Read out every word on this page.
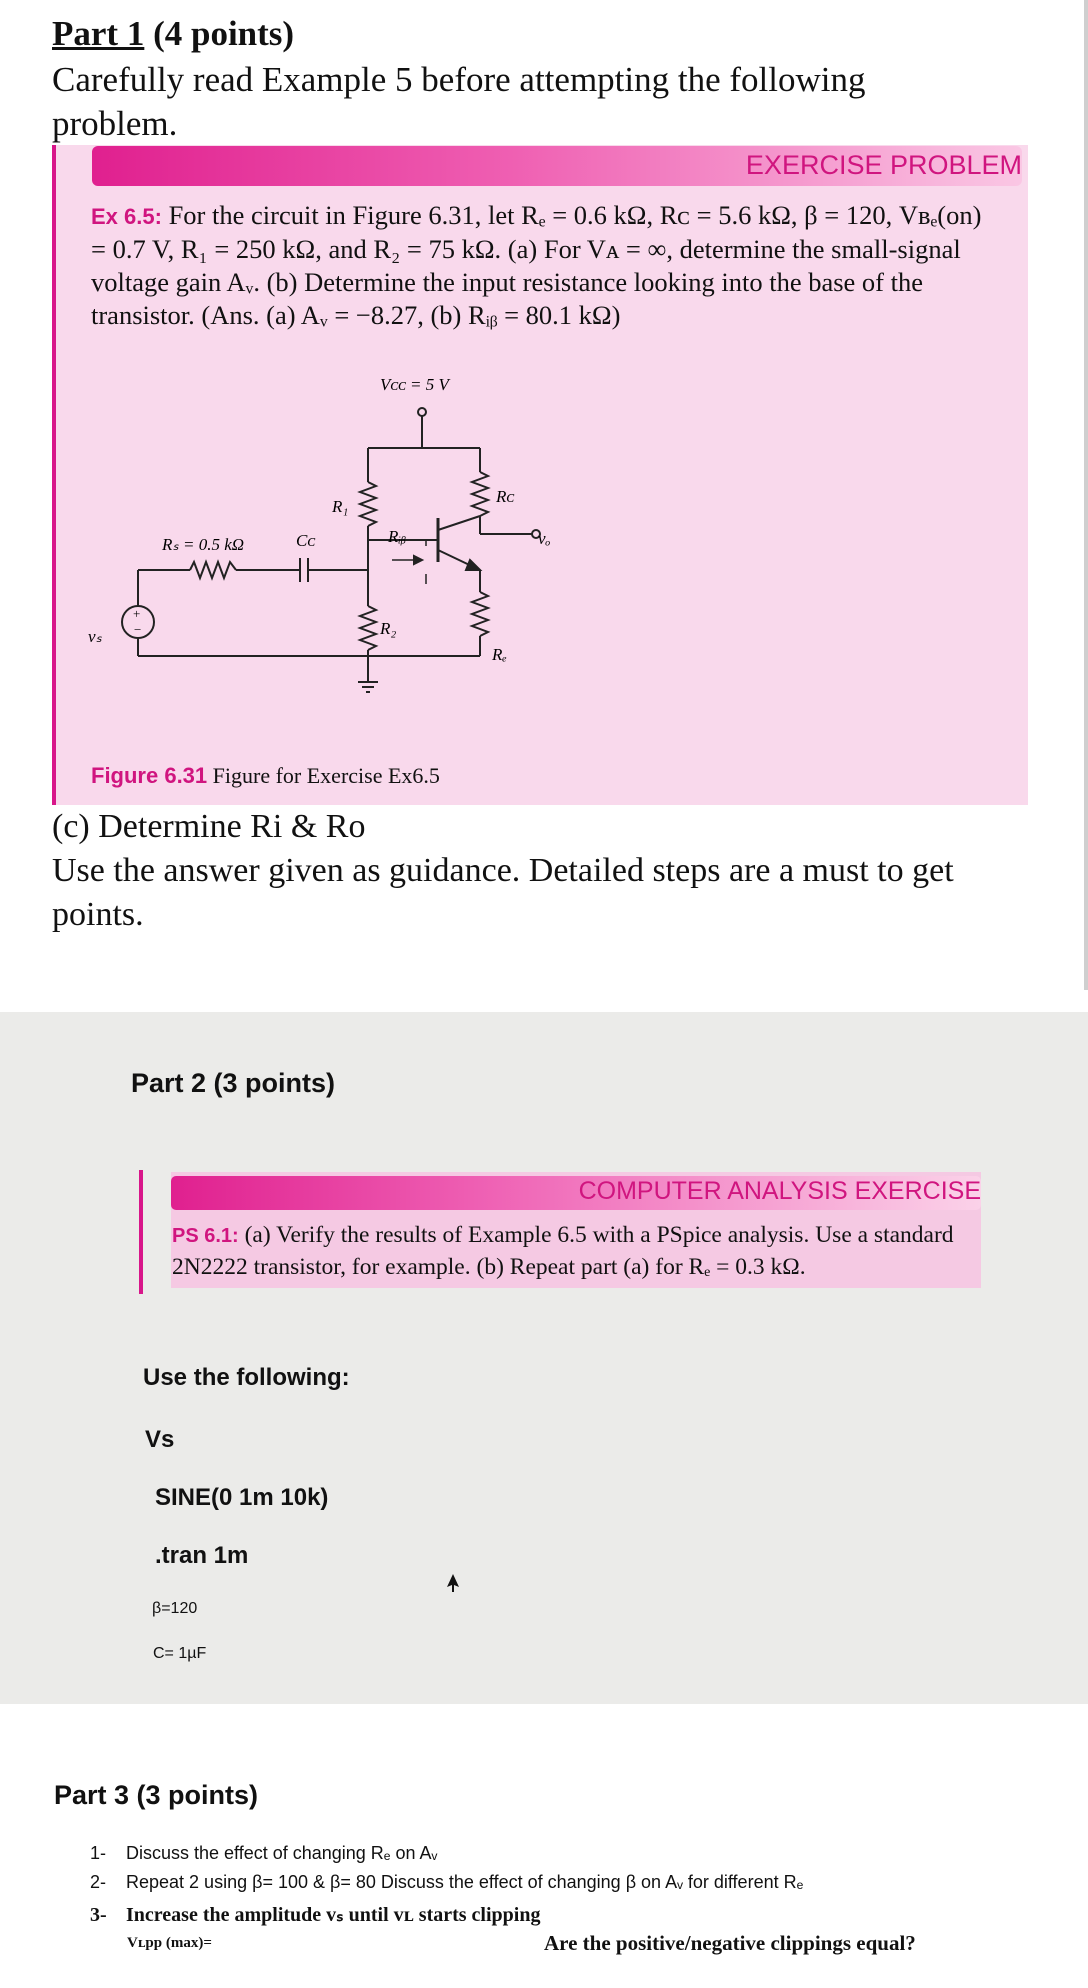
Part 1 (4 points)
Carefully read Example 5 before attempting the following problem.
EXERCISE PROBLEM
Ex 6.5: For the circuit in Figure 6.31, let Rₑ = 0.6 kΩ, Rᴄ = 5.6 kΩ, β = 120, Vʙₑ(on) = 0.7 V, R₁ = 250 kΩ, and R₂ = 75 kΩ. (a) For Vᴀ = ∞, determine the small-signal voltage gain Aᵥ. (b) Determine the input resistance looking into the base of the transistor. (Ans. (a) Aᵥ = −8.27, (b) Rᵢᵦ = 80.1 kΩ)
Vᴄᴄ = 5 V
R₁
Rᴄ
Rₛ = 0.5 kΩ	Cᴄ	Rᵢᵦ	vₒ
vₛ	R₂
Rₑ
+
−
Figure 6.31 Figure for Exercise Ex6.5
(c) Determine Ri & Ro
Use the answer given as guidance. Detailed steps are a must to get points.
Part 2 (3 points)
COMPUTER ANALYSIS EXERCISE
PS 6.1: (a) Verify the results of Example 6.5 with a PSpice analysis. Use a standard 2N2222 transistor, for example. (b) Repeat part (a) for Rₑ = 0.3 kΩ.
Use the following:
Vs
SINE(0 1m 10k)
.tran 1m
β=120
C= 1µF
Part 3 (3 points)
1- Discuss the effect of changing Rₑ on Aᵥ
2- Repeat 2 using β= 100 & β= 80 Discuss the effect of changing β on Aᵥ for different Rₑ
3- Increase the amplitude vₛ until vʟ starts clipping
Vʟpp (max)=	Are the positive/negative clippings equal?
